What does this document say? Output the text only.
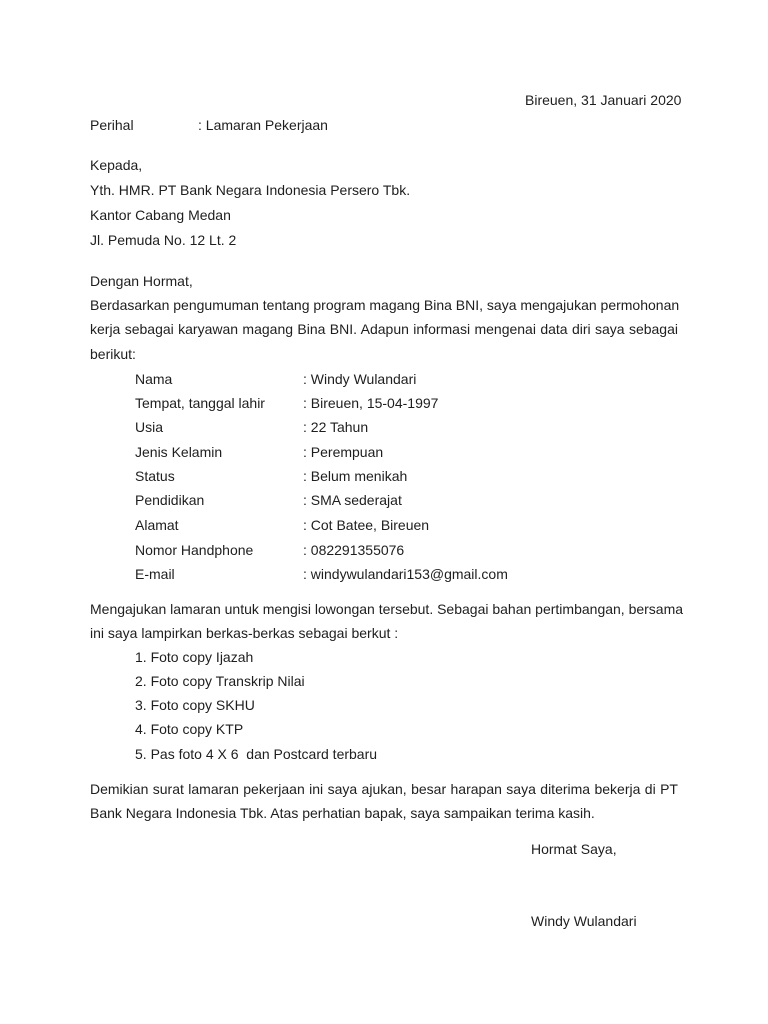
Bireuen, 31 Januari 2020
Perihal	: Lamaran Pekerjaan
Kepada,
Yth. HMR. PT Bank Negara Indonesia Persero Tbk.
Kantor Cabang Medan
Jl. Pemuda No. 12 Lt. 2
Dengan Hormat,
Berdasarkan pengumuman tentang program magang Bina BNI, saya mengajukan permohonan
kerja sebagai karyawan magang Bina BNI. Adapun informasi mengenai data diri saya sebagai
berikut:
Nama	: Windy Wulandari
Tempat, tanggal lahir	: Bireuen, 15-04-1997
Usia	: 22 Tahun
Jenis Kelamin	: Perempuan
Status	: Belum menikah
Pendidikan	: SMA sederajat
Alamat	: Cot Batee, Bireuen
Nomor Handphone	: 082291355076
E-mail	: windywulandari153@gmail.com
Mengajukan lamaran untuk mengisi lowongan tersebut. Sebagai bahan pertimbangan, bersama
ini saya lampirkan berkas-berkas sebagai berkut :
1. Foto copy Ijazah
2. Foto copy Transkrip Nilai
3. Foto copy SKHU
4. Foto copy KTP
5. Pas foto 4 X 6  dan Postcard terbaru
Demikian surat lamaran pekerjaan ini saya ajukan, besar harapan saya diterima bekerja di PT
Bank Negara Indonesia Tbk. Atas perhatian bapak, saya sampaikan terima kasih.
Hormat Saya,
Windy Wulandari
